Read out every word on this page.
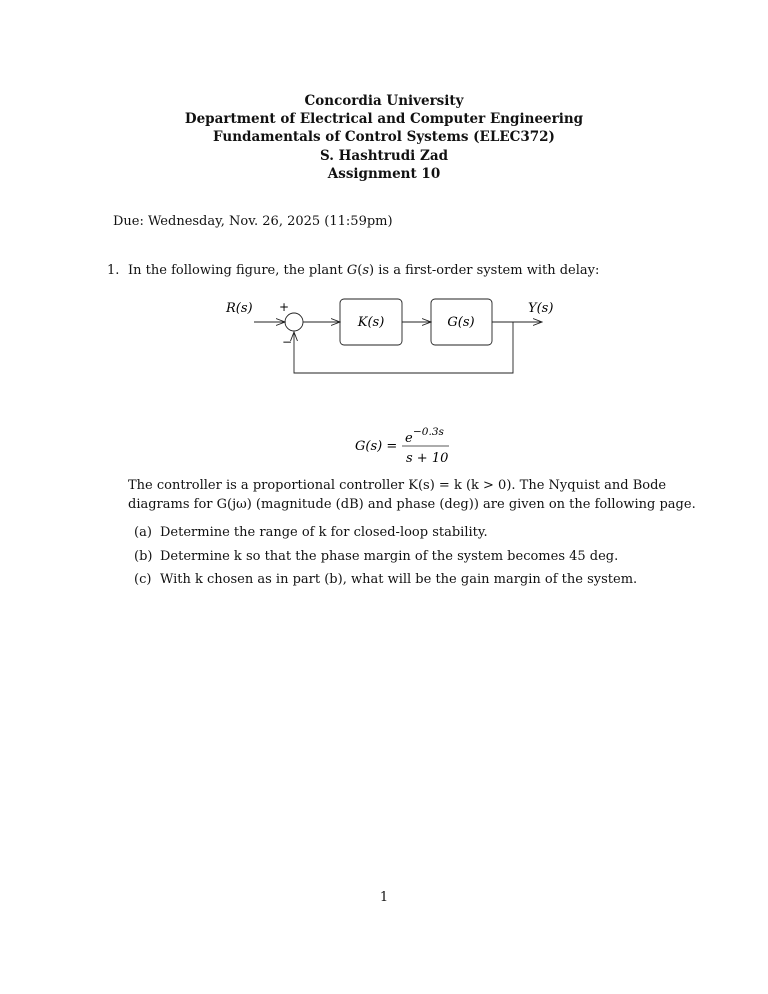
Concordia University
Department of Electrical and Computer Engineering
Fundamentals of Control Systems (ELEC372)
S. Hashtrudi Zad
Assignment 10
Due: Wednesday, Nov. 26, 2025 (11:59pm)
1. In the following figure, the plant G(s) is a first-order system with delay:
R(s) +
−
K(s)	G(s)
Y(s)
G(s) =
e −0.3s
s + 10
The controller is a proportional controller K(s) = k (k > 0). The Nyquist and Bode
diagrams for G(jω) (magnitude (dB) and phase (deg)) are given on the following page.
(a) Determine the range of k for closed-loop stability.
(b) Determine k so that the phase margin of the system becomes 45 deg.
(c) With k chosen as in part (b), what will be the gain margin of the system.
1
